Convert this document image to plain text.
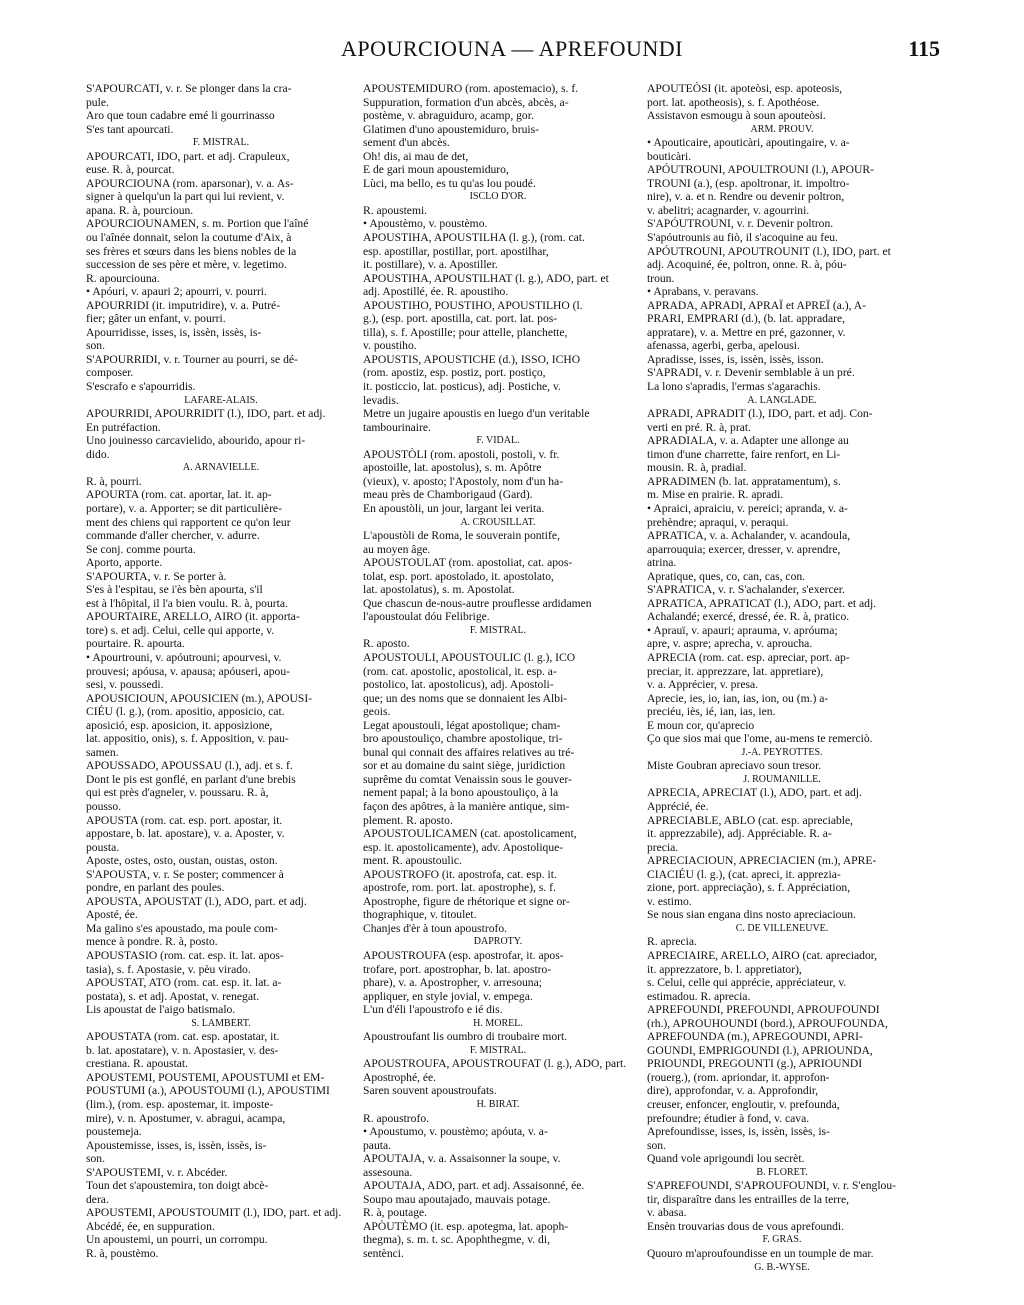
APOURCIOUNA — APREFOUNDI	115
S'APOURCATI, v. r. Se plonger dans la cra-
pule.
Aro que toun cadabre emé li gourrinasso
S'es tant apourcati.
F. MISTRAL.
APOURCATI, IDO, part. et adj. Crapuleux,
euse. R. à, pourcat.
APOURCIOUNA (rom. aparsonar), v. a. As-
signer à quelqu'un la part qui lui revient, v.
apana. R. à, pourcioun.
APOURCIOUNAMEN, s. m. Portion que l'aîné
ou l'aînée donnait, selon la coutume d'Aix, à
ses frères et sœurs dans les biens nobles de la
succession de ses père et mère, v. legetimo.
R. apourciouna.
• Apóuri, v. apauri 2; apourri, v. pourri.
APOURRIDI (it. imputridire), v. a. Putré-
fier; gâter un enfant, v. pourri.
Apourridisse, isses, is, issèn, issès, is-
son.
S'APOURRIDI, v. r. Tourner au pourri, se dé-
composer.
S'escrafo e s'apourridis.
LAFARE-ALAIS.
APOURRIDI, APOURRIDIT (l.), IDO, part. et adj.
En putréfaction.
Uno jouinesso carcavielido, abourido, apour ri-
dido.
A. ARNAVIELLE.
R. à, pourri.
APOURTA (rom. cat. aportar, lat. it. ap-
portare), v. a. Apporter; se dit particulière-
ment des chiens qui rapportent ce qu'on leur
commande d'aller chercher, v. adurre.
Se conj. comme pourta.
Aporto, apporte.
S'APOURTA, v. r. Se porter à.
S'es à l'espitau, se i'ès bèn apourta, s'il
est à l'hôpital, il l'a bien voulu. R. à, pourta.
APOURTAIRE, ARELLO, AIRO (it. apporta-
tore) s. et adj. Celui, celle qui apporte, v.
pourtaire. R. apourta.
• Apourtrouni, v. apóutrouni; apourvesi, v.
prouvesi; apóusa, v. apausa; apóuseri, apou-
sesi, v. poussedi.
APOUSICIOUN, APOUSICIEN (m.), APOUSI-
CIÉU (l. g.), (rom. apositio, apposicio, cat.
aposició, esp. aposicion, it. apposizione,
lat. appositio, onis), s. f. Apposition, v. pau-
samen.
APOUSSADO, APOUSSAU (l.), adj. et s. f.
Dont le pis est gonflé, en parlant d'une brebis
qui est près d'agneler, v. poussaru. R. à,
pousso.
APOUSTA (rom. cat. esp. port. apostar, it.
appostare, b. lat. apostare), v. a. Aposter, v.
pousta.
Aposte, ostes, osto, oustan, oustas, oston.
S'APOUSTA, v. r. Se poster; commencer à
pondre, en parlant des poules.
APOUSTA, APOUSTAT (l.), ADO, part. et adj.
Aposté, ée.
Ma galino s'es apoustado, ma poule com-
mence à pondre. R. à, posto.
APOUSTASIO (rom. cat. esp. it. lat. apos-
tasia), s. f. Apostasie, v. pèu virado.
APOUSTAT, ATO (rom. cat. esp. it. lat. a-
postata), s. et adj. Apostat, v. renegat.
Lis apoustat de l'aigo batismalo.
S. LAMBERT.
APOUSTATA (rom. cat. esp. apostatar, it.
b. lat. apostatare), v. n. Apostasier, v. des-
crestiana. R. apoustat.
APOUSTEMI, POUSTEMI, APOUSTUMI et EM-
POUSTUMI (a.), APOUSTOUMI (l.), APOUSTIMI
(lim.), (rom. esp. apostemar, it. imposte-
mire), v. n. Apostumer, v. abragui, acampa,
poustemeja.
Apoustemisse, isses, is, issèn, issès, is-
son.
S'APOUSTEMI, v. r. Abcéder.
Toun det s'apoustemira, ton doigt abcè-
dera.
APOUSTEMI, APOUSTOUMIT (l.), IDO, part. et adj.
Abcédé, ée, en suppuration.
Un apoustemi, un pourri, un corrompu.
R. à, poustèmo.
APOUSTEMIDURO (rom. apostemacio), s. f.
Suppuration, formation d'un abcès, abcès, a-
postème, v. abraguiduro, acamp, gor.
Glatimen d'uno apoustemiduro, bruis-
sement d'un abcès.
Oh! dis, ai mau de det,
E de gari moun apoustemiduro,
Lùci, ma bello, es tu qu'as lou poudé.
ISCLO D'OR.
R. apoustemi.
• Apoustèmo, v. poustèmo.
APOUSTIHA, APOUSTILHA (l. g.), (rom. cat.
esp. apostillar, postillar, port. apostilhar,
it. postillare), v. a. Apostiller.
APOUSTIHA, APOUSTILHAT (l. g.), ADO, part. et
adj. Apostillé, ée. R. apoustiho.
APOUSTIHO, POUSTIHO, APOUSTILHO (l.
g.), (esp. port. apostilla, cat. port. lat. pos-
tilla), s. f. Apostille; pour attelle, planchette,
v. poustiho.
APOUSTIS, APOUSTICHE (d.), ISSO, ICHO
(rom. apostiz, esp. postiz, port. postiço,
it. posticcio, lat. posticus), adj. Postiche, v.
levadis.
Metre un jugaire apoustis en luego d'un veritable
tambourinaire.
F. VIDAL.
APOUSTÒLI (rom. apostoli, postoli, v. fr.
apostoille, lat. apostolus), s. m. Apôtre
(vieux), v. aposto; l'Apostoly, nom d'un ha-
meau près de Chamborigaud (Gard).
En apoustòli, un jour, largant lei verita.
A. CROUSILLAT.
L'apoustòli de Roma, le souverain pontife,
au moyen âge.
APOUSTOULAT (rom. apostoliat, cat. apos-
tolat, esp. port. apostolado, it. apostolato,
lat. apostolatus), s. m. Apostolat.
Que chascun de-nous-autre prouflesse ardidamen
l'apoustoulat dóu Felibrige.
F. MISTRAL.
R. aposto.
APOUSTOULI, APOUSTOULIC (l. g.), ICO
(rom. cat. apostolic, apostolical, it. esp. a-
postolico, lat. apostolicus), adj. Apostoli-
que; un des noms que se donnaient les Albi-
geois.
Legat apoustouli, légat apostolique; cham-
bro apoustouliço, chambre apostolique, tri-
bunal qui connait des affaires relatives au tré-
sor et au domaine du saint siège, juridiction
suprême du comtat Venaissin sous le gouver-
nement papal; à la bono apoustouliço, à la
façon des apôtres, à la manière antique, sim-
plement. R. aposto.
APOUSTOULICAMEN (cat. apostolicament,
esp. it. apostolicamente), adv. Apostolique-
ment. R. apoustoulic.
APOUSTROFO (it. apostrofa, cat. esp. it.
apostrofe, rom. port. lat. apostrophe), s. f.
Apostrophe, figure de rhétorique et signe or-
thographique, v. titoulet.
Chanjes d'èr à toun apoustrofo.
DAPROTY.
APOUSTROUFA (esp. apostrofar, it. apos-
trofare, port. apostrophar, b. lat. apostro-
phare), v. a. Apostropher, v. arresouna;
appliquer, en style jovial, v. empega.
L'un d'éli l'apoustrofo e ié dis.
H. MOREL.
Apoustroufant lis oumbro di troubaire mort.
F. MISTRAL.
APOUSTROUFA, APOUSTROUFAT (l. g.), ADO, part.
Apostrophé, ée.
Saren souvent apoustroufats.
H. BIRAT.
R. apoustrofo.
• Apoustumo, v. poustèmo; apóuta, v. a-
pauta.
APOUTAJA, v. a. Assaisonner la soupe, v.
assesouna.
APOUTAJA, ADO, part. et adj. Assaisonné, ée.
Soupo mau apoutajado, mauvais potage.
R. à, poutage.
APÒUTÈMO (it. esp. apotegma, lat. apoph-
thegma), s. m. t. sc. Apophthegme, v. di,
sentènci.
APOUTEÒSI (it. apoteòsi, esp. apoteosis,
port. lat. apotheosis), s. f. Apothéose.
Assistavon esmougu à soun apouteòsi.
ARM. PROUV.
• Apouticaire, apouticàri, apoutingaire, v. a-
bouticàri.
APÓUTROUNI, APOULTROUNI (l.), APOUR-
TROUNI (a.), (esp. apoltronar, it. impoltro-
nire), v. a. et n. Rendre ou devenir poltron,
v. abelitri; acagnarder, v. agourrini.
S'APÓUTROUNI, v. r. Devenir poltron.
S'apóutrounis au fiò, il s'acoquine au feu.
APÓUTROUNI, APOUTROUNIT (l.), IDO, part. et
adj. Acoquiné, ée, poltron, onne. R. à, póu-
troun.
• Aprabans, v. peravans.
APRADA, APRADI, APRAÏ et APREÏ (a.), A-
PRARI, EMPRARI (d.), (b. lat. appradare,
appratare), v. a. Mettre en pré, gazonner, v.
afenassa, agerbi, gerba, apelousi.
Apradisse, isses, is, issèn, issès, isson.
S'APRADI, v. r. Devenir semblable à un pré.
La lono s'apradis, l'ermas s'agarachis.
A. LANGLADE.
APRADI, APRADIT (l.), IDO, part. et adj. Con-
verti en pré. R. à, prat.
APRADIALA, v. a. Adapter une allonge au
timon d'une charrette, faire renfort, en Li-
mousin. R. à, pradial.
APRADIMEN (b. lat. appratamentum), s.
m. Mise en prairie. R. apradi.
• Apraici, apraiciu, v. pereici; apranda, v. a-
prehèndre; apraqui, v. peraqui.
APRATICA, v. a. Achalander, v. acandoula,
aparrouquia; exercer, dresser, v. aprendre,
atrina.
Apratique, ques, co, can, cas, con.
S'APRATICA, v. r. S'achalander, s'exercer.
APRATICA, APRATICAT (l.), ADO, part. et adj.
Achalandé; exercé, dressé, ée. R. à, pratico.
• Aprauï, v. apauri; aprauma, v. apróuma;
apre, v. aspre; aprecha, v. aproucha.
APRECIA (rom. cat. esp. apreciar, port. ap-
preciar, it. apprezzare, lat. appretiare),
v. a. Apprécier, v. presa.
Aprecie, ies, io, ian, ias, ion, ou (m.) a-
preciéu, iès, ié, ian, ias, ien.
E moun cor, qu'aprecio
Ço que sios mai que l'ome, au-mens te remerciò.
J.-A. PEYROTTES.
Miste Goubran apreciavo soun tresor.
J. ROUMANILLE.
APRECIA, APRECIAT (l.), ADO, part. et adj.
Apprécié, ée.
APRECIABLE, ABLO (cat. esp. apreciable,
it. apprezzabile), adj. Appréciable. R. a-
precia.
APRECIACIOUN, APRECIACIEN (m.), APRE-
CIACIÉU (l. g.), (cat. apreci, it. apprezia-
zione, port. appreciação), s. f. Appréciation,
v. estimo.
Se nous sian engana dins nosto apreciacioun.
C. DE VILLENEUVE.
R. aprecia.
APRECIAIRE, ARELLO, AIRO (cat. apreciador,
it. apprezzatore, b. l. appretiator),
s. Celui, celle qui apprécie, appréciateur, v.
estimadou. R. aprecia.
APREFOUNDI, PREFOUNDI, APROUFOUNDI
(rh.), APROUHOUNDI (bord.), APROUFOUNDA,
APREFOUNDA (m.), APREGOUNDI, APRI-
GOUNDI, EMPRIGOUNDI (l.), APRIOUNDA,
PRIOUNDI, PREGOUNTI (g.), APRIOUNDI
(rouerg.), (rom. apriondar, it. approfon-
dire), approfondar, v. a. Approfondir,
creuser, enfoncer, engloutir, v. prefounda,
prefoundre; étudier à fond, v. cava.
Aprefoundisse, isses, is, issèn, issès, is-
son.
Quand vole aprigoundi lou secrèt.
B. FLORET.
S'APREFOUNDI, S'APROUFOUNDI, v. r. S'englou-
tir, disparaître dans les entrailles de la terre,
v. abasa.
Ensèn trouvarias dous de vous aprefoundi.
F. GRAS.
Quouro m'aproufoundisse en un toumple de mar.
G. B.-WYSE.
